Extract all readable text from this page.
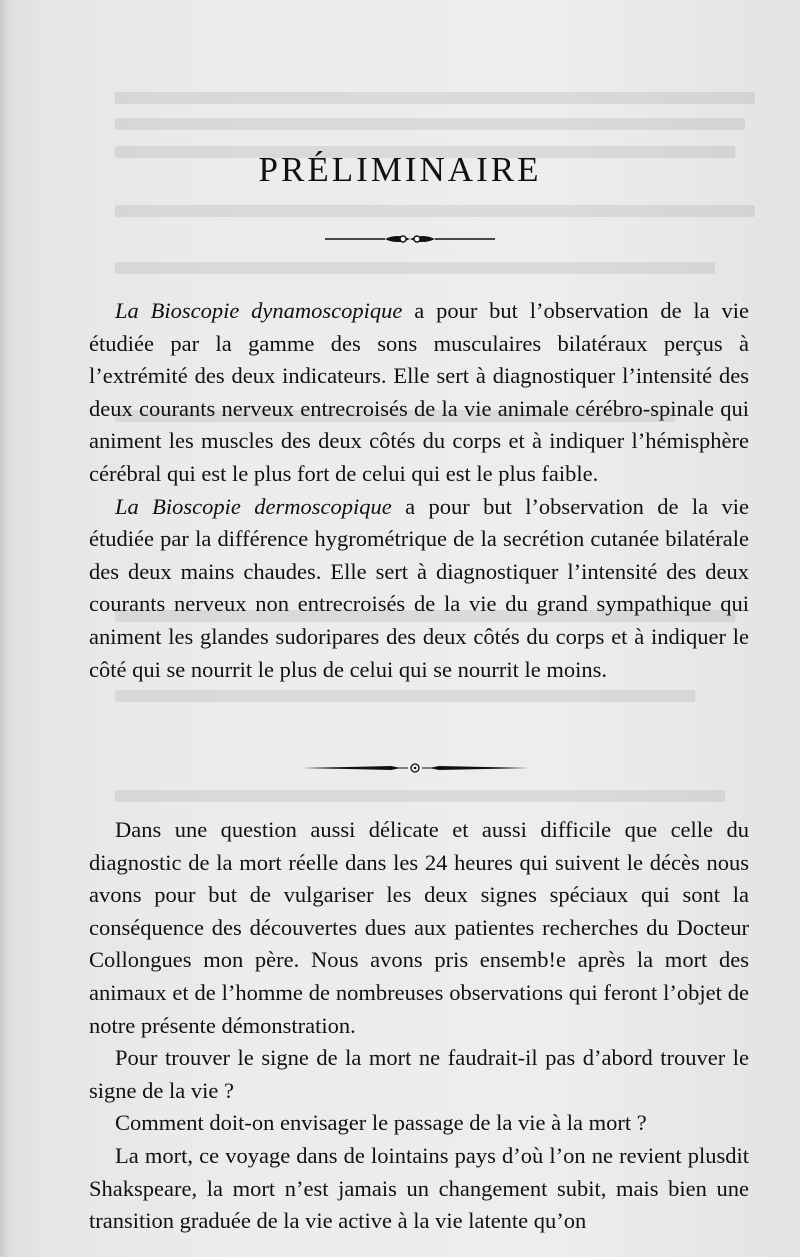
PRÉLIMINAIRE

La Bioscopie dynamoscopique a pour but l’observation de la vie étudiée par la gamme des sons musculaires bilatéraux perçus à l’extrémité des deux indicateurs. Elle sert à diagnostiquer l’intensité des deux courants nerveux entrecroisés de la vie animale cérébro-spinale qui animent les muscles des deux côtés du corps et à indiquer l’hémisphère cérébral qui est le plus fort de celui qui est le plus faible.

La Bioscopie dermoscopique a pour but l’observation de la vie étudiée par la différence hygrométrique de la secrétion cutanée bilatérale des deux mains chaudes. Elle sert à diagnostiquer l’intensité des deux courants nerveux non entrecroisés de la vie du grand sympathique qui animent les glandes sudoripares des deux côtés du corps et à indiquer le côté qui se nourrit le plus de celui qui se nourrit le moins.

Dans une question aussi délicate et aussi difficile que celle du diagnostic de la mort réelle dans les 24 heures qui suivent le décès nous avons pour but de vulgariser les deux signes spéciaux qui sont la conséquence des découvertes dues aux patientes recherches du Docteur Collongues mon père. Nous avons pris ensemb!e après la mort des animaux et de l’homme de nombreuses observations qui feront l’objet de notre présente démonstration.

Pour trouver le signe de la mort ne faudrait-il pas d’abord trouver le signe de la vie ?

Comment doit-on envisager le passage de la vie à la mort ?

La mort, ce voyage dans de lointains pays d’où l’on ne revient plusdit Shakspeare, la mort n’est jamais un changement subit, mais bien une transition graduée de la vie active à la vie latente qu’on
